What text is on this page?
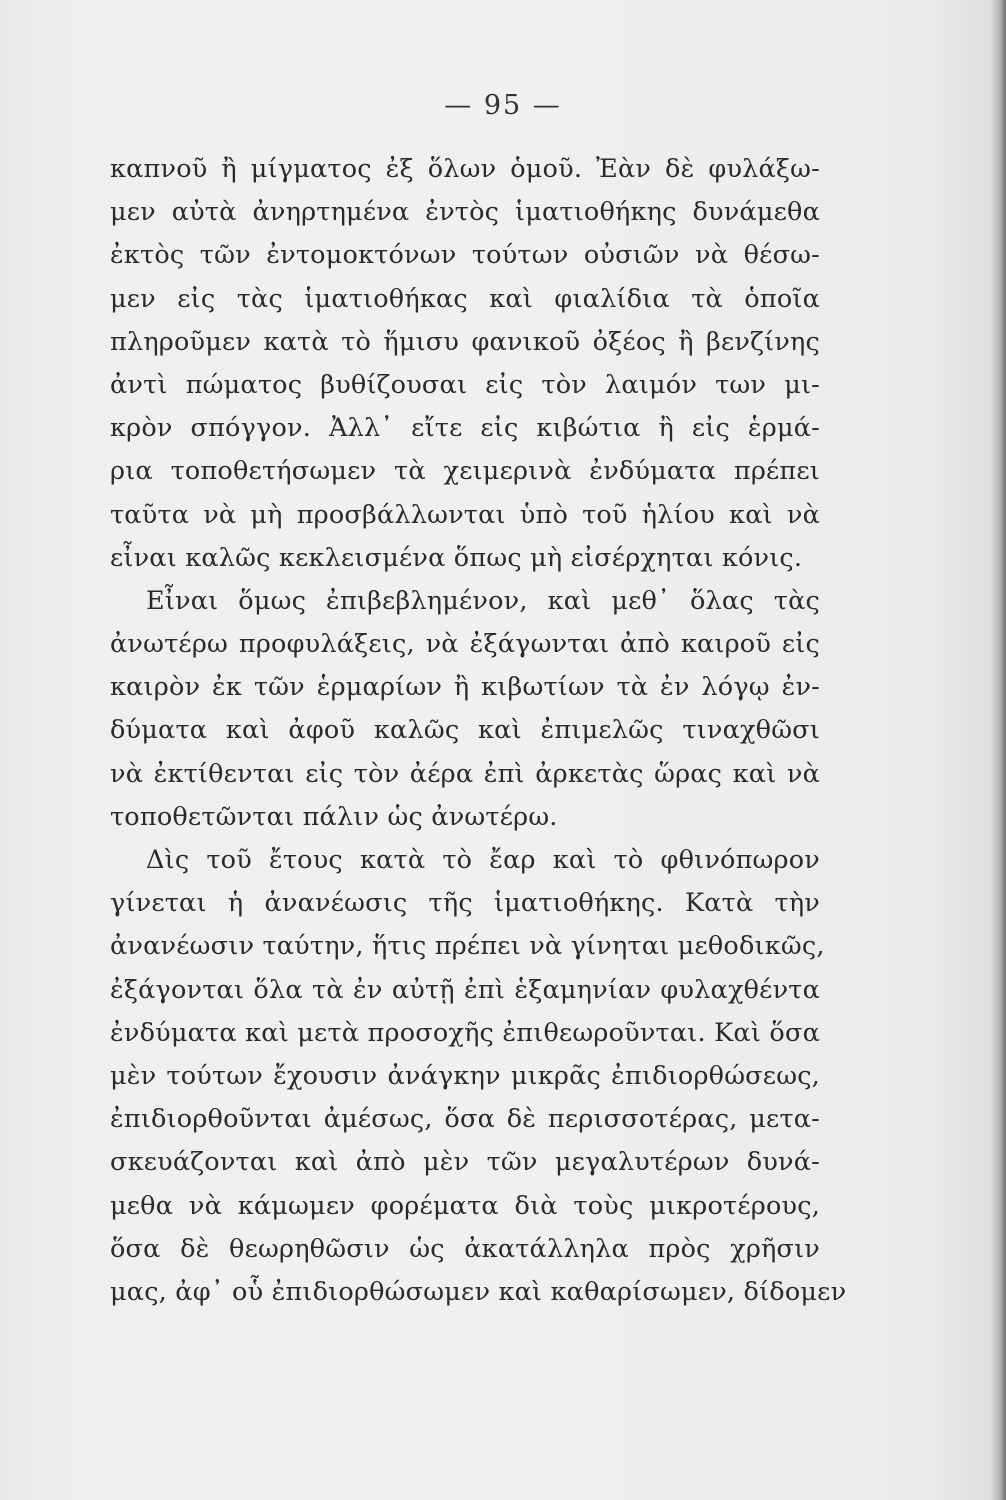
— 95 —
καπνοῦ ἢ μίγματος ἐξ ὅλων ὁμοῦ. Ἐὰν δὲ φυλάξω-
μεν αὐτὰ ἀνηρτημένα ἐντὸς ἱματιοθήκης δυνάμεθα
ἐκτὸς τῶν ἐντομοκτόνων τούτων οὐσιῶν νὰ θέσω-
μεν εἰς τὰς ἱματιοθήκας καὶ φιαλίδια τὰ ὁποῖα
πληροῦμεν κατὰ τὸ ἥμισυ φανικοῦ ὀξέος ἢ βενζίνης
ἀντὶ πώματος βυθίζουσαι εἰς τὸν λαιμόν των μι-
κρὸν σπόγγον. Ἀλλ᾽ εἴτε εἰς κιβώτια ἢ εἰς ἑρμά-
ρια τοποθετήσωμεν τὰ χειμερινὰ ἐνδύματα πρέπει
ταῦτα νὰ μὴ προσβάλλωνται ὑπὸ τοῦ ἡλίου καὶ νὰ
εἶναι καλῶς κεκλεισμένα ὅπως μὴ εἰσέρχηται κόνις.
Εἶναι ὅμως ἐπιβεβλημένον, καὶ μεθ᾽ ὅλας τὰς
ἀνωτέρω προφυλάξεις, νὰ ἐξάγωνται ἀπὸ καιροῦ εἰς
καιρὸν ἐκ τῶν ἑρμαρίων ἢ κιβωτίων τὰ ἐν λόγῳ ἐν-
δύματα καὶ ἀφοῦ καλῶς καὶ ἐπιμελῶς τιναχθῶσι
νὰ ἐκτίθενται εἰς τὸν ἀέρα ἐπὶ ἀρκετὰς ὥρας καὶ νὰ
τοποθετῶνται πάλιν ὡς ἀνωτέρω.
Δὶς τοῦ ἔτους κατὰ τὸ ἔαρ καὶ τὸ φθινόπωρον
γίνεται ἡ ἀνανέωσις τῆς ἱματιοθήκης. Κατὰ τὴν
ἀνανέωσιν ταύτην, ἥτις πρέπει νὰ γίνηται μεθοδικῶς,
ἐξάγονται ὅλα τὰ ἐν αὐτῇ ἐπὶ ἑξαμηνίαν φυλαχθέντα
ἐνδύματα καὶ μετὰ προσοχῆς ἐπιθεωροῦνται. Καὶ ὅσα
μὲν τούτων ἔχουσιν ἀνάγκην μικρᾶς ἐπιδιορθώσεως,
ἐπιδιορθοῦνται ἀμέσως, ὅσα δὲ περισσοτέρας, μετα-
σκευάζονται καὶ ἀπὸ μὲν τῶν μεγαλυτέρων δυνά-
μεθα νὰ κάμωμεν φορέματα διὰ τοὺς μικροτέρους,
ὅσα δὲ θεωρηθῶσιν ὡς ἀκατάλληλα πρὸς χρῆσιν
μας, ἀφ᾽ οὗ ἐπιδιορθώσωμεν καὶ καθαρίσωμεν, δίδομεν
